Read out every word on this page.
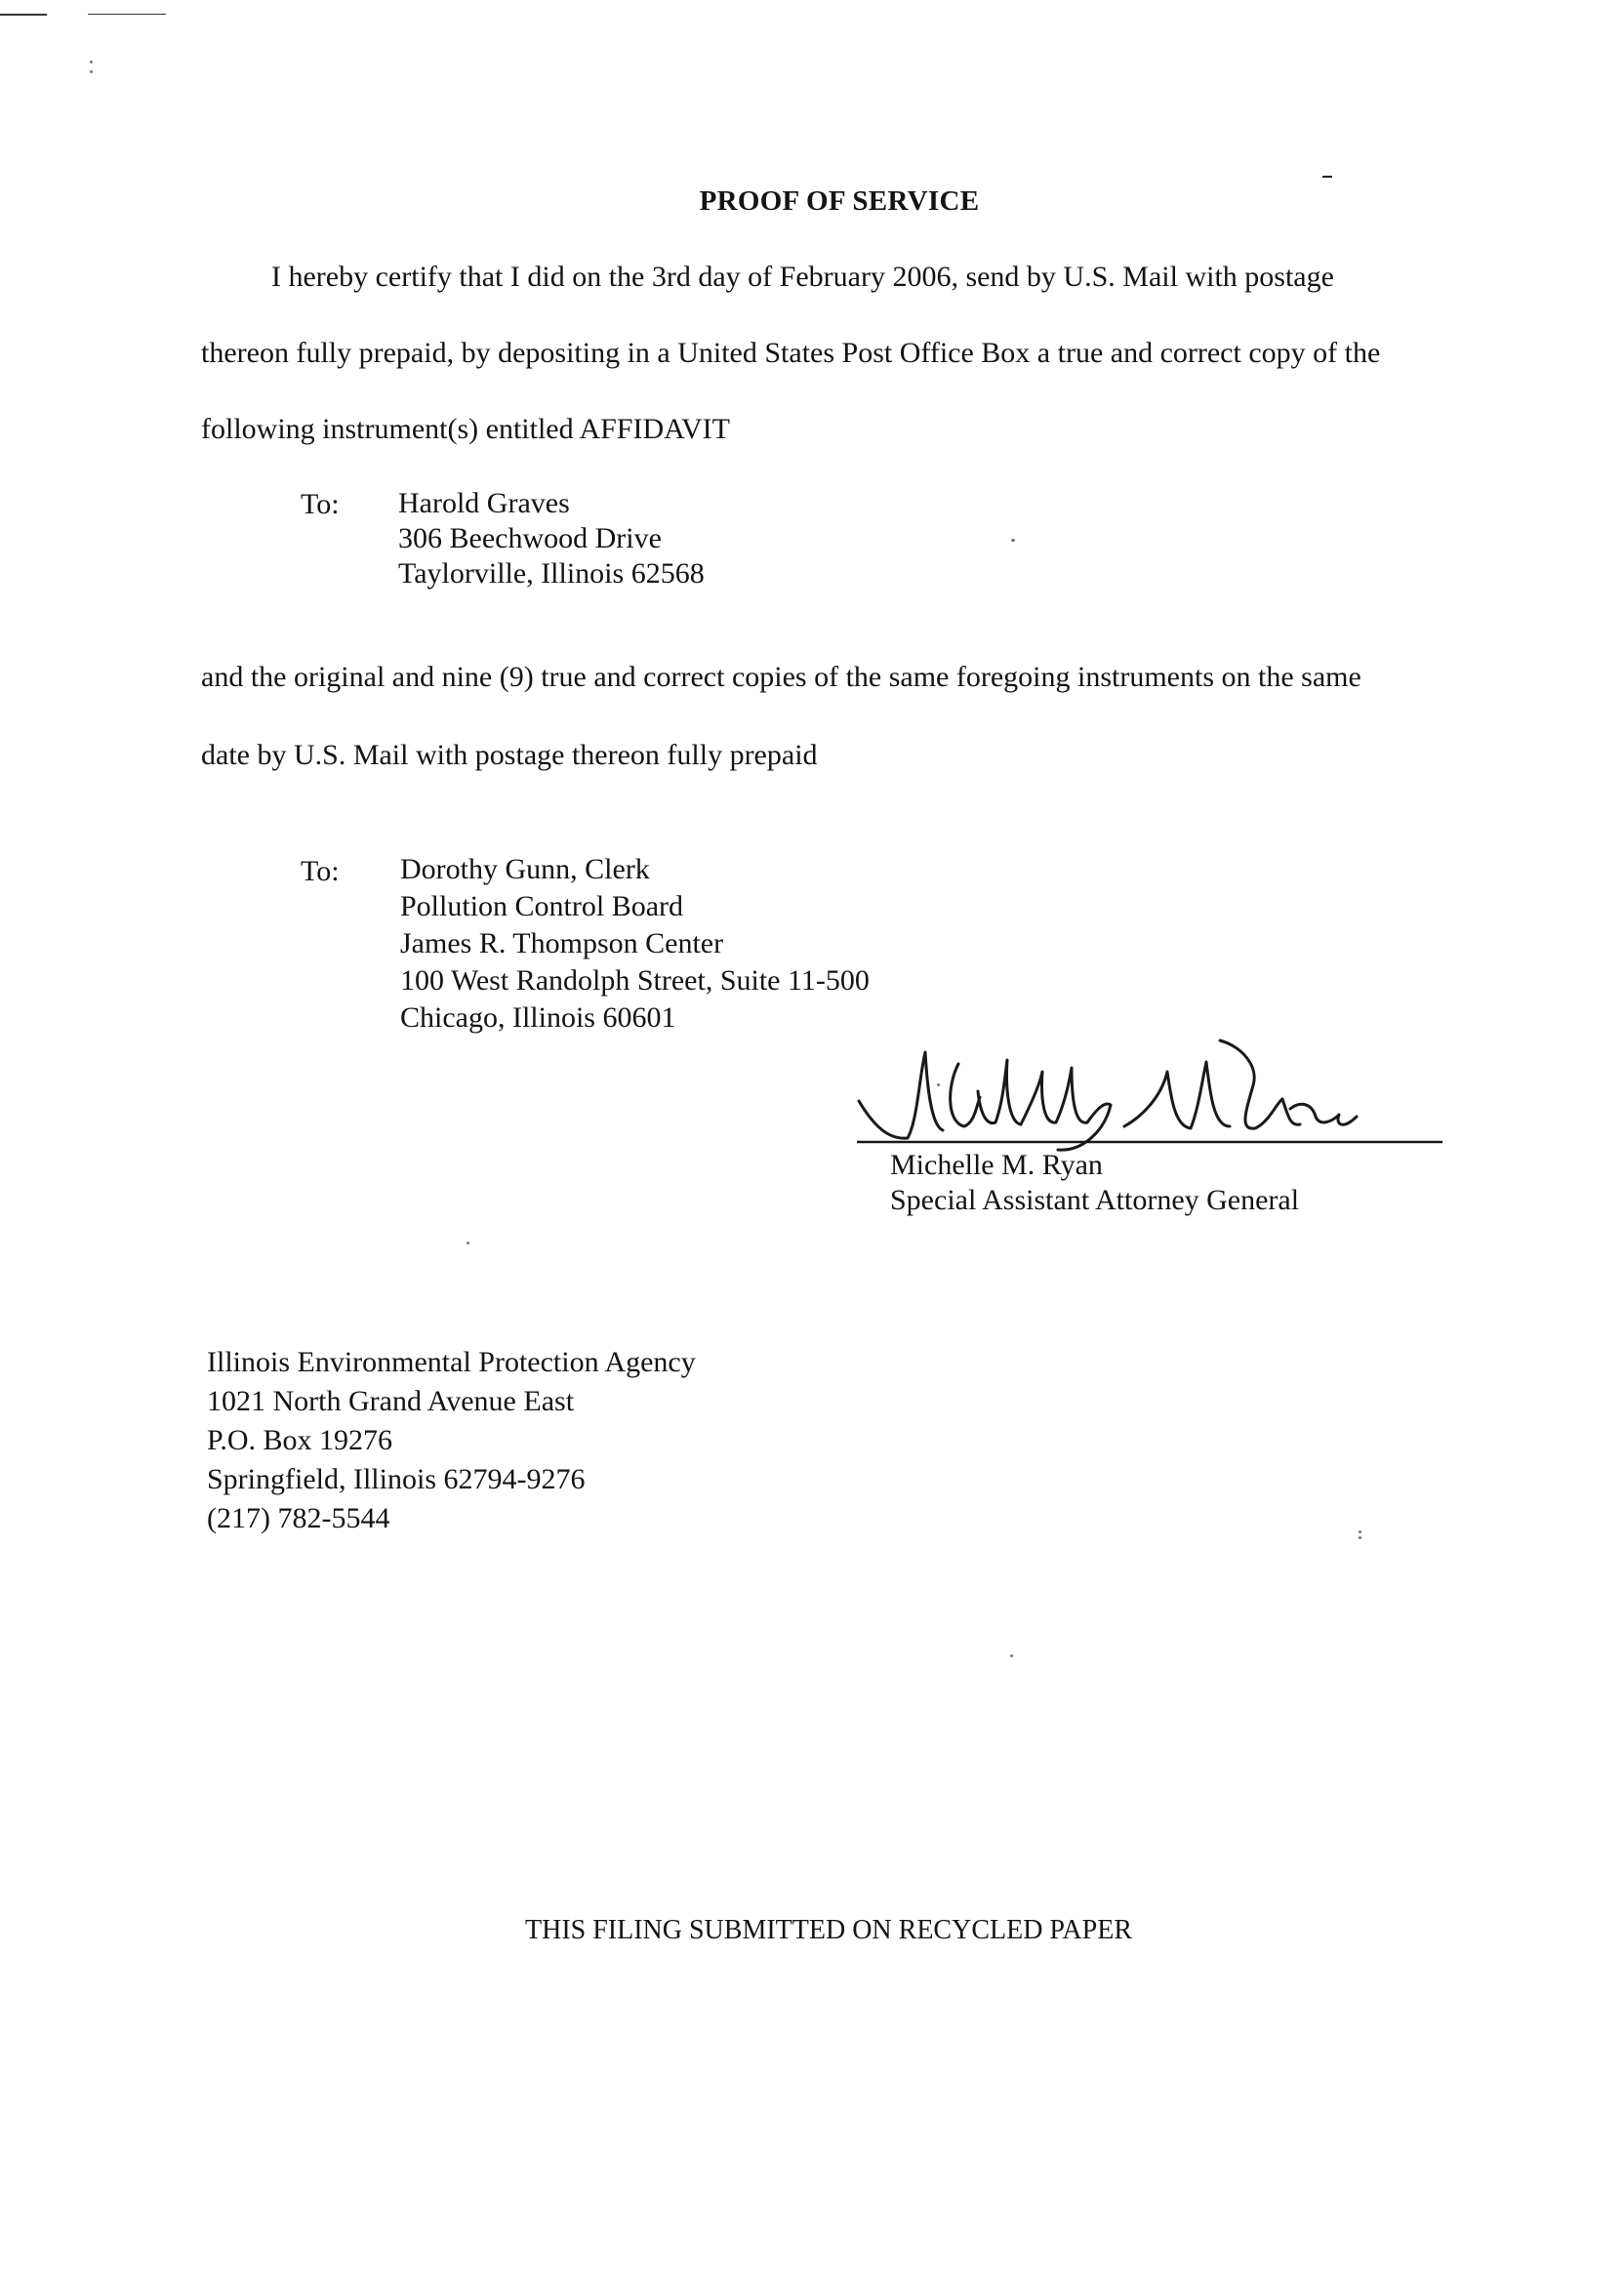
PROOF OF SERVICE
I hereby certify that I did on the 3rd day of February 2006, send by U.S. Mail with postage
thereon fully prepaid, by depositing in a United States Post Office Box a true and correct copy of the
following instrument(s) entitled AFFIDAVIT
To: Harold Graves
306 Beechwood Drive
Taylorville, Illinois 62568
and the original and nine (9) true and correct copies of the same foregoing instruments on the same
date by U.S. Mail with postage thereon fully prepaid
To: Dorothy Gunn, Clerk
Pollution Control Board
James R. Thompson Center
100 West Randolph Street, Suite 11-500
Chicago, Illinois 60601
Michelle M. Ryan
Special Assistant Attorney General
Illinois Environmental Protection Agency
1021 North Grand Avenue East
P.O. Box 19276
Springfield, Illinois 62794-9276
(217) 782-5544
THIS FILING SUBMITTED ON RECYCLED PAPER
